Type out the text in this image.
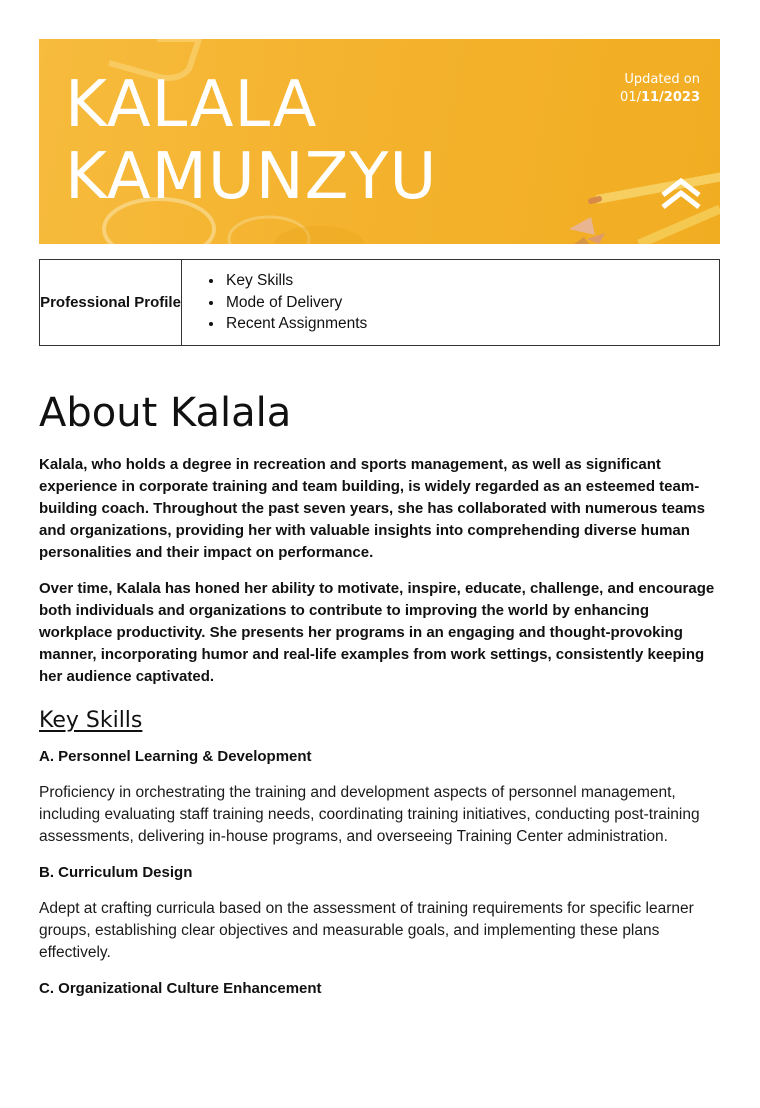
KALALA
KAMUNZYU
Updated on
01/11/2023
Professional Profile
• Key Skills
• Mode of Delivery
• Recent Assignments
About Kalala

Kalala, who holds a degree in recreation and sports management, as well as significant experience in corporate training and team building, is widely regarded as an esteemed team-building coach. Throughout the past seven years, she has collaborated with numerous teams and organizations, providing her with valuable insights into comprehending diverse human personalities and their impact on performance.

Over time, Kalala has honed her ability to motivate, inspire, educate, challenge, and encourage both individuals and organizations to contribute to improving the world by enhancing workplace productivity. She presents her programs in an engaging and thought-provoking manner, incorporating humor and real-life examples from work settings, consistently keeping her audience captivated.

Key Skills

A. Personnel Learning & Development

Proficiency in orchestrating the training and development aspects of personnel management, including evaluating staff training needs, coordinating training initiatives, conducting post-training assessments, delivering in-house programs, and overseeing Training Center administration.

B. Curriculum Design

Adept at crafting curricula based on the assessment of training requirements for specific learner groups, establishing clear objectives and measurable goals, and implementing these plans effectively.

C. Organizational Culture Enhancement
